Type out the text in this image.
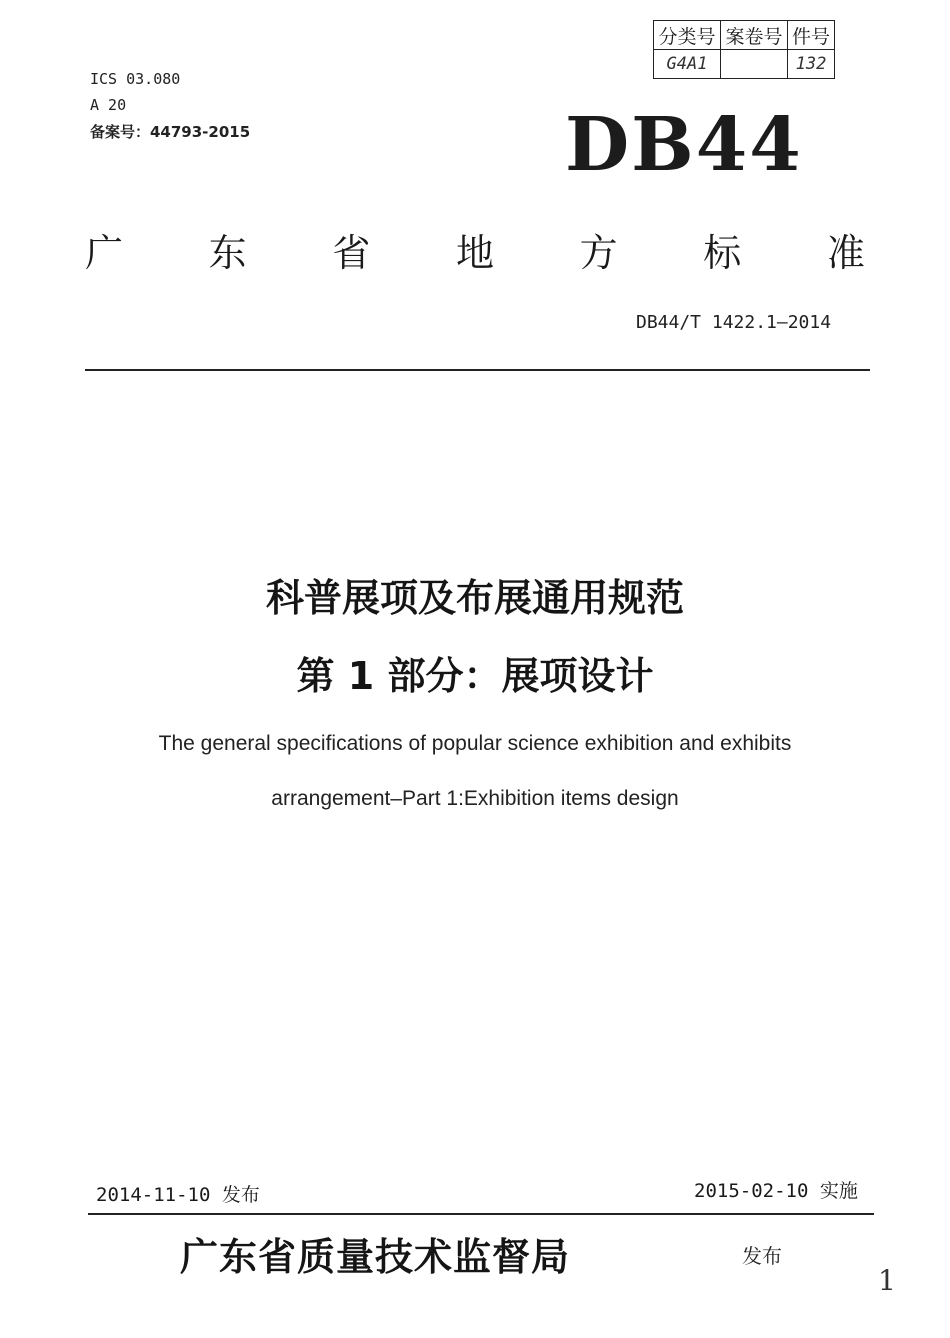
ICS 03.080
A 20
备案号：44793-2015
分类号	案卷号	件号
G4A1		132
DB44
广 东 省 地 方 标 准
DB44/T 1422.1—2014
科普展项及布展通用规范
第 1 部分：展项设计
The general specifications of popular science exhibition and exhibits
arrangement–Part 1:Exhibition items design
2014-11-10 发布	2015-02-10 实施
广东省质量技术监督局	发布
1
